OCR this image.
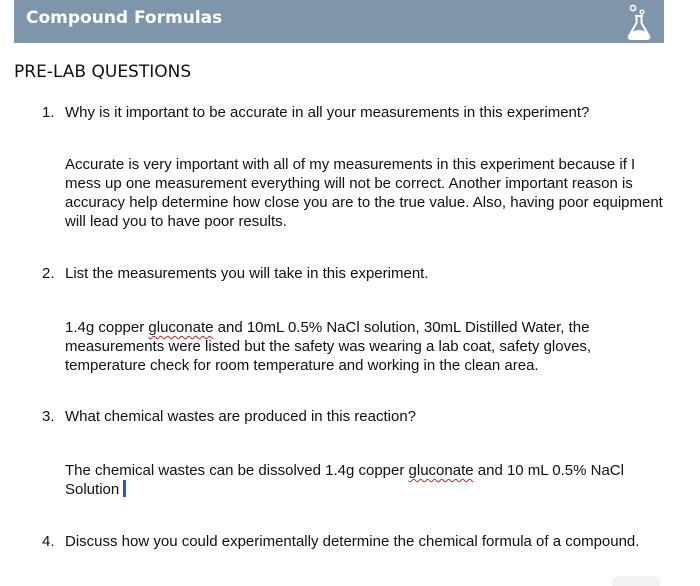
Compound Formulas
PRE-LAB QUESTIONS
1. Why is it important to be accurate in all your measurements in this experiment?
Accurate is very important with all of my measurements in this experiment because if I mess up one measurement everything will not be correct. Another important reason is accuracy help determine how close you are to the true value. Also, having poor equipment will lead you to have poor results.
2. List the measurements you will take in this experiment.
1.4g copper gluconate and 10mL 0.5% NaCl solution, 30mL Distilled Water, the measurements were listed but the safety was wearing a lab coat, safety gloves, temperature check for room temperature and working in the clean area.
3. What chemical wastes are produced in this reaction?
The chemical wastes can be dissolved 1.4g copper gluconate and 10 mL 0.5% NaCl Solution
4. Discuss how you could experimentally determine the chemical formula of a compound.
